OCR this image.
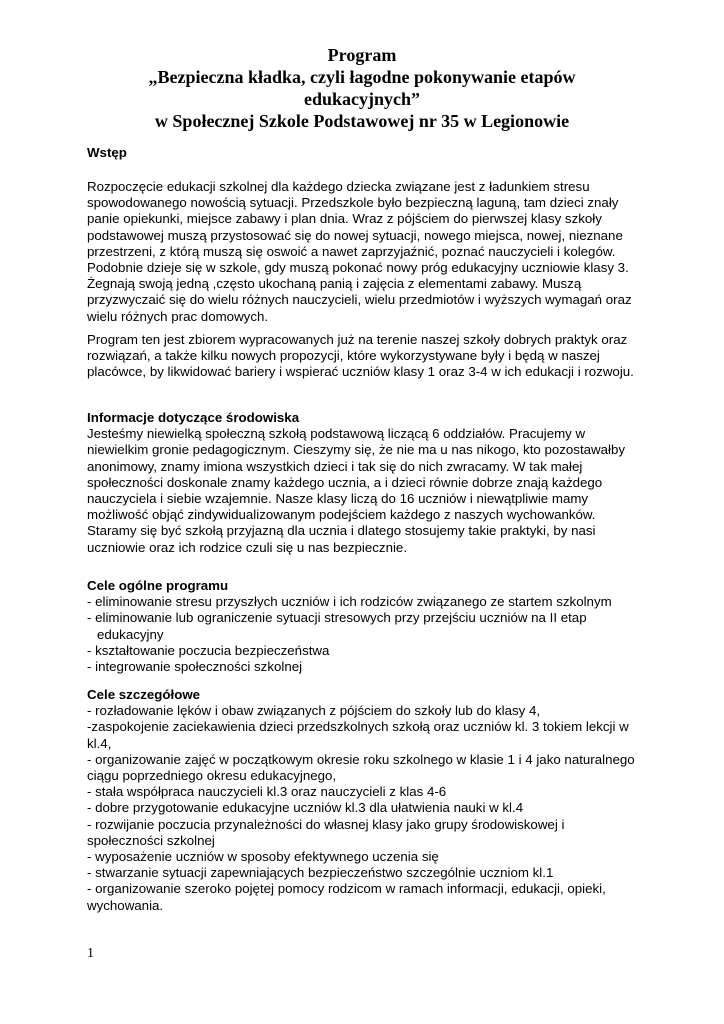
Program
„Bezpieczna kładka, czyli łagodne pokonywanie etapów
edukacyjnych”
w Społecznej Szkole Podstawowej nr 35 w Legionowie
Wstęp
Rozpoczęcie edukacji szkolnej dla każdego dziecka związane jest z ładunkiem stresu
spowodowanego nowością sytuacji. Przedszkole było bezpieczną laguną, tam dzieci znały
panie opiekunki, miejsce zabawy i plan dnia. Wraz z pójściem do pierwszej klasy szkoły
podstawowej muszą przystosować się do nowej sytuacji, nowego miejsca, nowej, nieznane
przestrzeni, z którą muszą się oswoić a nawet zaprzyjaźnić, poznać nauczycieli i kolegów.
Podobnie dzieje się w szkole, gdy muszą pokonać nowy próg edukacyjny uczniowie klasy 3.
Żegnają swoją jedną ,często ukochaną panią i zajęcia z elementami zabawy. Muszą
przyzwyczaić się do wielu różnych nauczycieli, wielu przedmiotów i wyższych wymagań oraz
wielu różnych prac domowych.
Program ten jest zbiorem wypracowanych już na terenie naszej szkoły dobrych praktyk oraz
rozwiązań, a także kilku nowych propozycji, które wykorzystywane były i będą w naszej
placówce, by likwidować bariery i wspierać uczniów klasy 1 oraz 3-4 w ich edukacji i rozwoju.
Informacje dotyczące środowiska
Jesteśmy niewielką społeczną szkołą podstawową liczącą 6 oddziałów. Pracujemy w
niewielkim gronie pedagogicznym. Cieszymy się, że nie ma u nas nikogo, kto pozostawałby
anonimowy, znamy imiona wszystkich dzieci i tak się do nich zwracamy. W tak małej
społeczności doskonale znamy każdego ucznia, a i dzieci równie dobrze znają każdego
nauczyciela i siebie wzajemnie. Nasze klasy liczą do 16 uczniów i niewątpliwie mamy
możliwość objąć zindywidualizowanym podejściem każdego z naszych wychowanków.
Staramy się być szkołą przyjazną dla ucznia i dlatego stosujemy takie praktyki, by nasi
uczniowie oraz ich rodzice czuli się u nas bezpiecznie.
Cele ogólne programu
- eliminowanie stresu przyszłych uczniów i ich rodziców związanego ze startem szkolnym
- eliminowanie lub ograniczenie sytuacji stresowych przy przejściu uczniów na II etap
edukacyjny
- kształtowanie poczucia bezpieczeństwa
- integrowanie społeczności szkolnej
Cele szczegółowe
- rozładowanie lęków i obaw związanych z pójściem do szkoły lub do klasy 4,
-zaspokojenie zaciekawienia dzieci przedszkolnych szkołą oraz uczniów kl. 3 tokiem lekcji w
kl.4,
- organizowanie zajęć w początkowym okresie roku szkolnego w klasie 1 i 4 jako naturalnego
ciągu poprzedniego okresu edukacyjnego,
- stała współpraca nauczycieli kl.3 oraz nauczycieli z klas 4-6
- dobre przygotowanie edukacyjne uczniów kl.3 dla ułatwienia nauki w kl.4
- rozwijanie poczucia przynależności do własnej klasy jako grupy środowiskowej i
społeczności szkolnej
- wyposażenie uczniów w sposoby efektywnego uczenia się
- stwarzanie sytuacji zapewniających bezpieczeństwo szczególnie uczniom kl.1
- organizowanie szeroko pojętej pomocy rodzicom w ramach informacji, edukacji, opieki,
wychowania.
1
